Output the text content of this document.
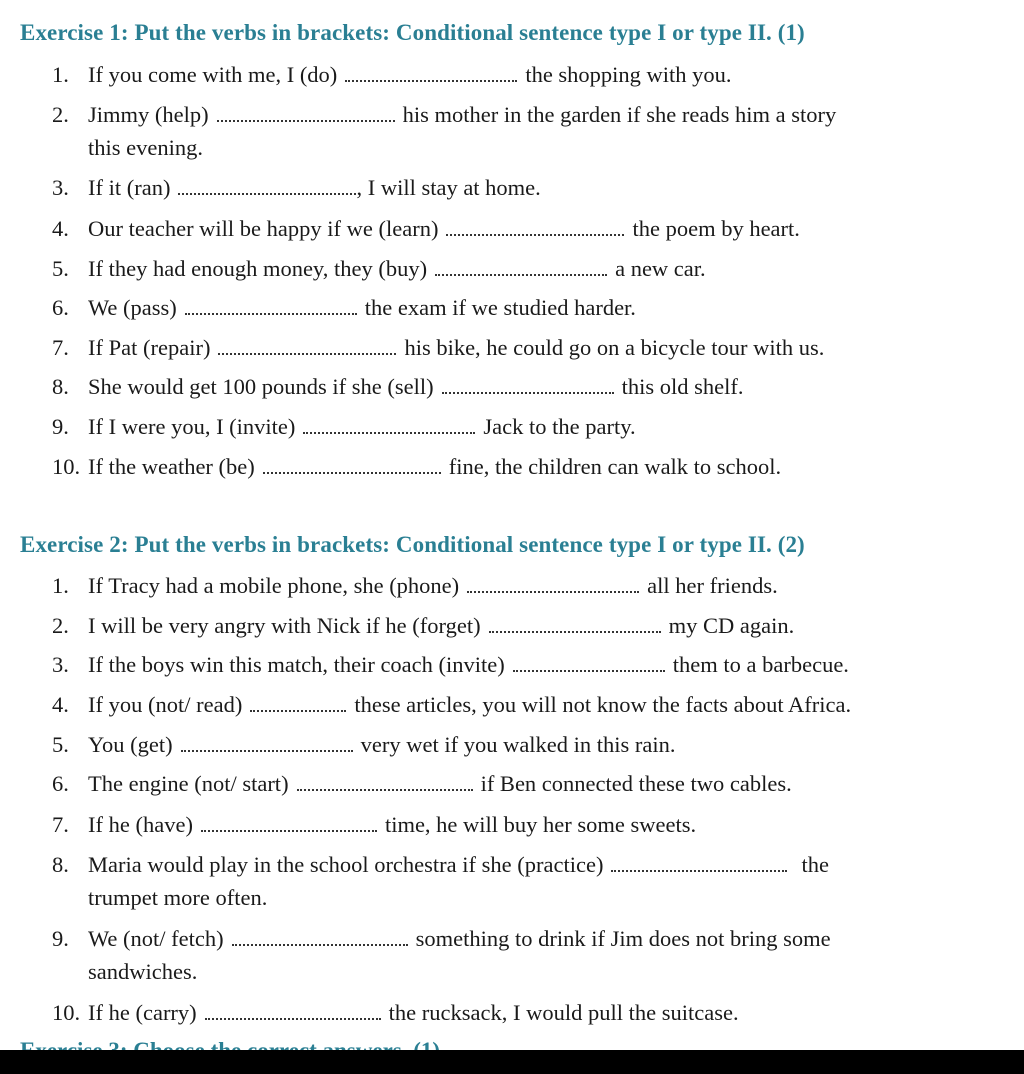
Exercise 1: Put the verbs in brackets: Conditional sentence type I or type II. (1)
1. If you come with me, I (do)	the shopping with you.
2. Jimmy (help)	his mother in the garden if she reads him a story
this evening.
3. If it (ran)	, I will stay at home.
4. Our teacher will be happy if we (learn)	the poem by heart.
5. If they had enough money, they (buy)	a new car.
6. We (pass)	the exam if we studied harder.
7. If Pat (repair)	his bike, he could go on a bicycle tour with us.
8. She would get 100 pounds if she (sell)	this old shelf.
9. If I were you, I (invite)	Jack to the party.
10. If the weather (be)	fine, the children can walk to school.
Exercise 2: Put the verbs in brackets: Conditional sentence type I or type II. (2)
1. If Tracy had a mobile phone, she (phone)	all her friends.
2. I will be very angry with Nick if he (forget)	my CD again.
3. If the boys win this match, their coach (invite)	them to a barbecue.
4. If you (not/ read)	these articles, you will not know the facts about Africa.
5. You (get)	very wet if you walked in this rain.
6. The engine (not/ start)	if Ben connected these two cables.
7. If he (have)	time, he will buy her some sweets.
8. Maria would play in the school orchestra if she (practice)	the
trumpet more often.
9. We (not/ fetch)	something to drink if Jim does not bring some
sandwiches.
10. If he (carry)	the rucksack, I would pull the suitcase.
